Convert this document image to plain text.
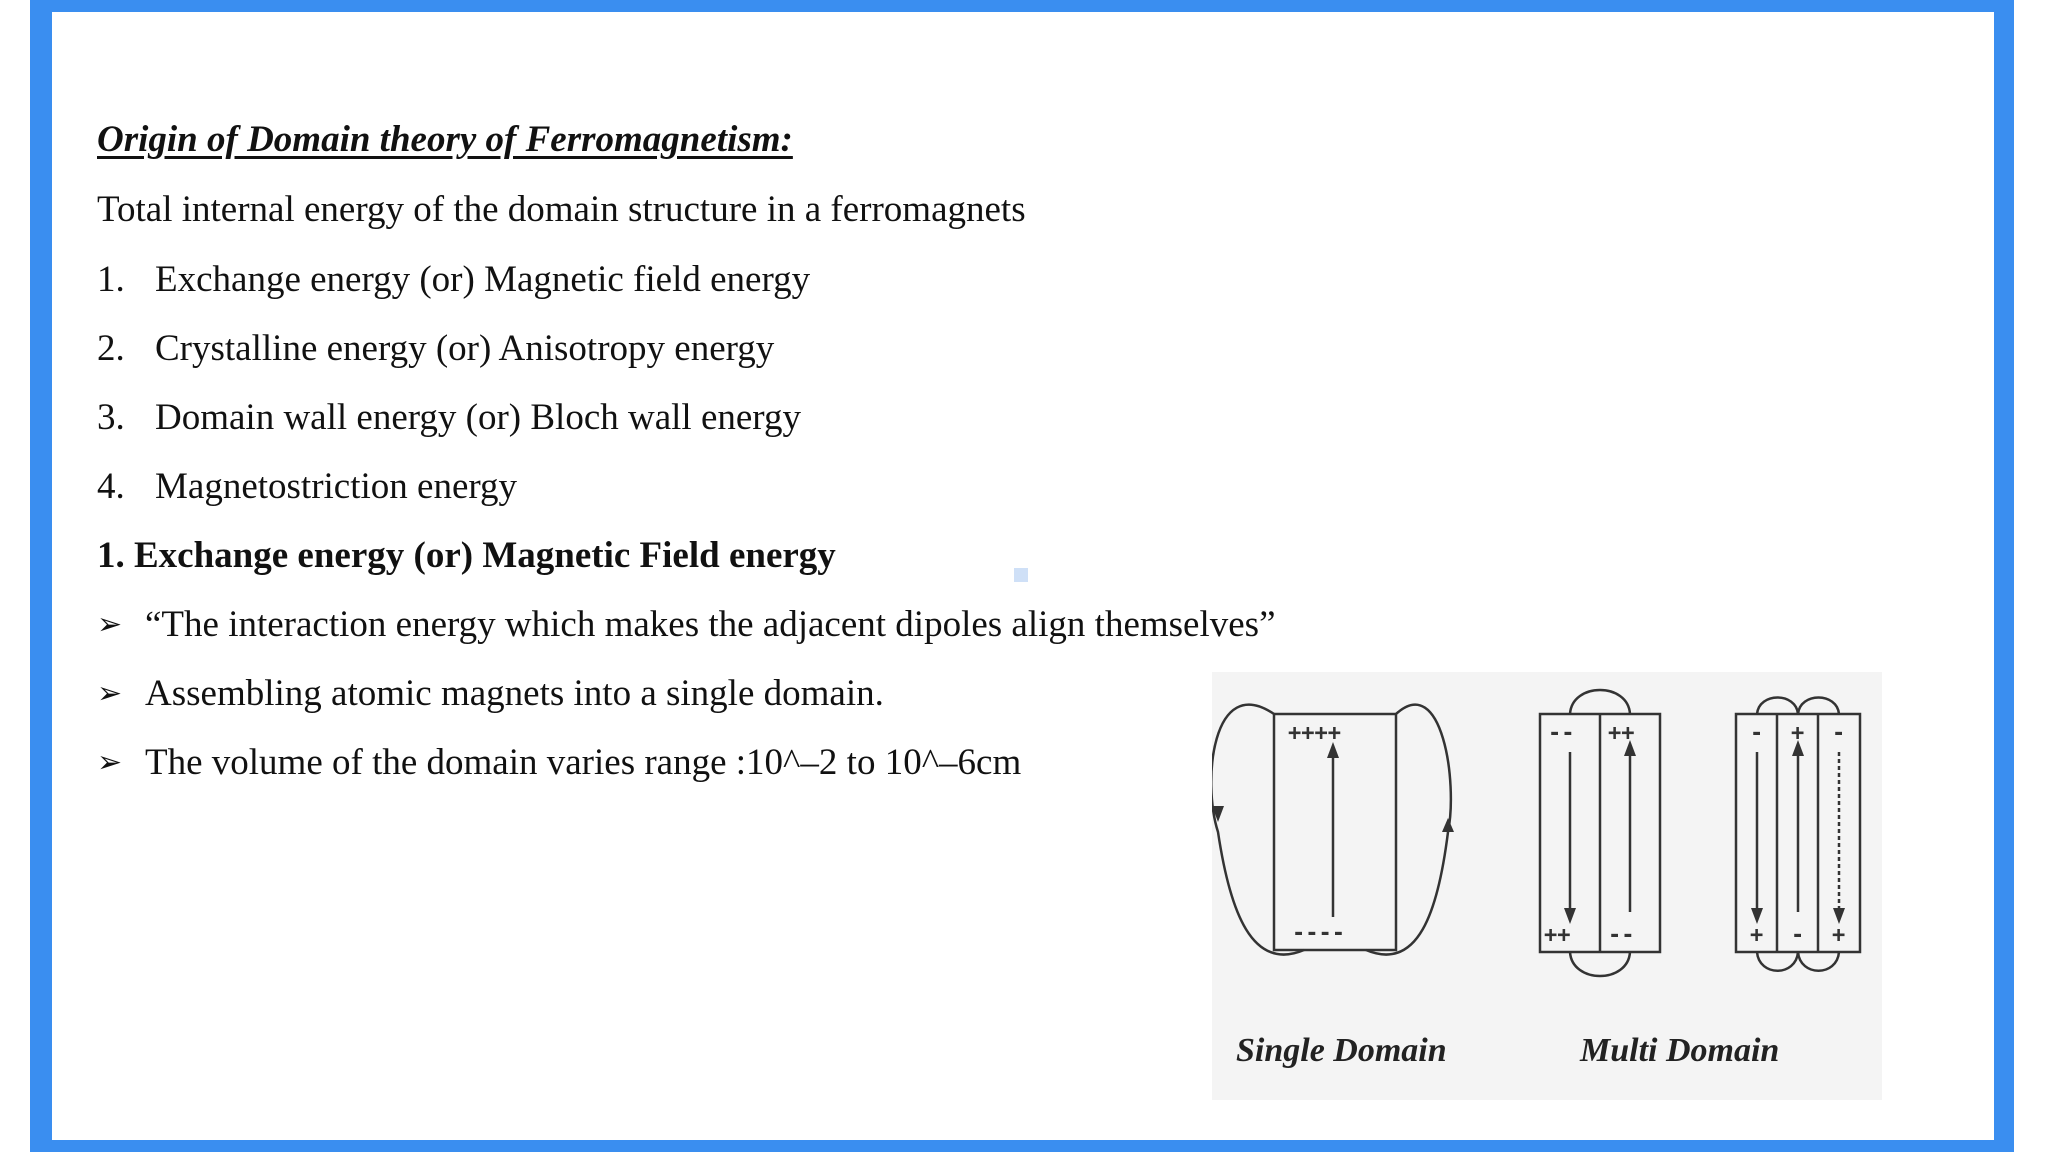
Origin of Domain theory of Ferromagnetism:
Total internal energy of the domain structure in a ferromagnets
1. Exchange energy (or) Magnetic field energy
2. Crystalline energy (or) Anisotropy energy
3. Domain wall energy (or) Bloch wall energy
4. Magnetostriction energy
1. Exchange energy (or) Magnetic Field energy
➢ “The interaction energy which makes the adjacent dipoles align themselves”
➢ Assembling atomic magnets into a single domain.
➢ The volume of the domain varies range :10^–2 to 10^–6cm
++++
----
-- ++
++ --
- + -
+ - +
Single Domain	Multi Domain
